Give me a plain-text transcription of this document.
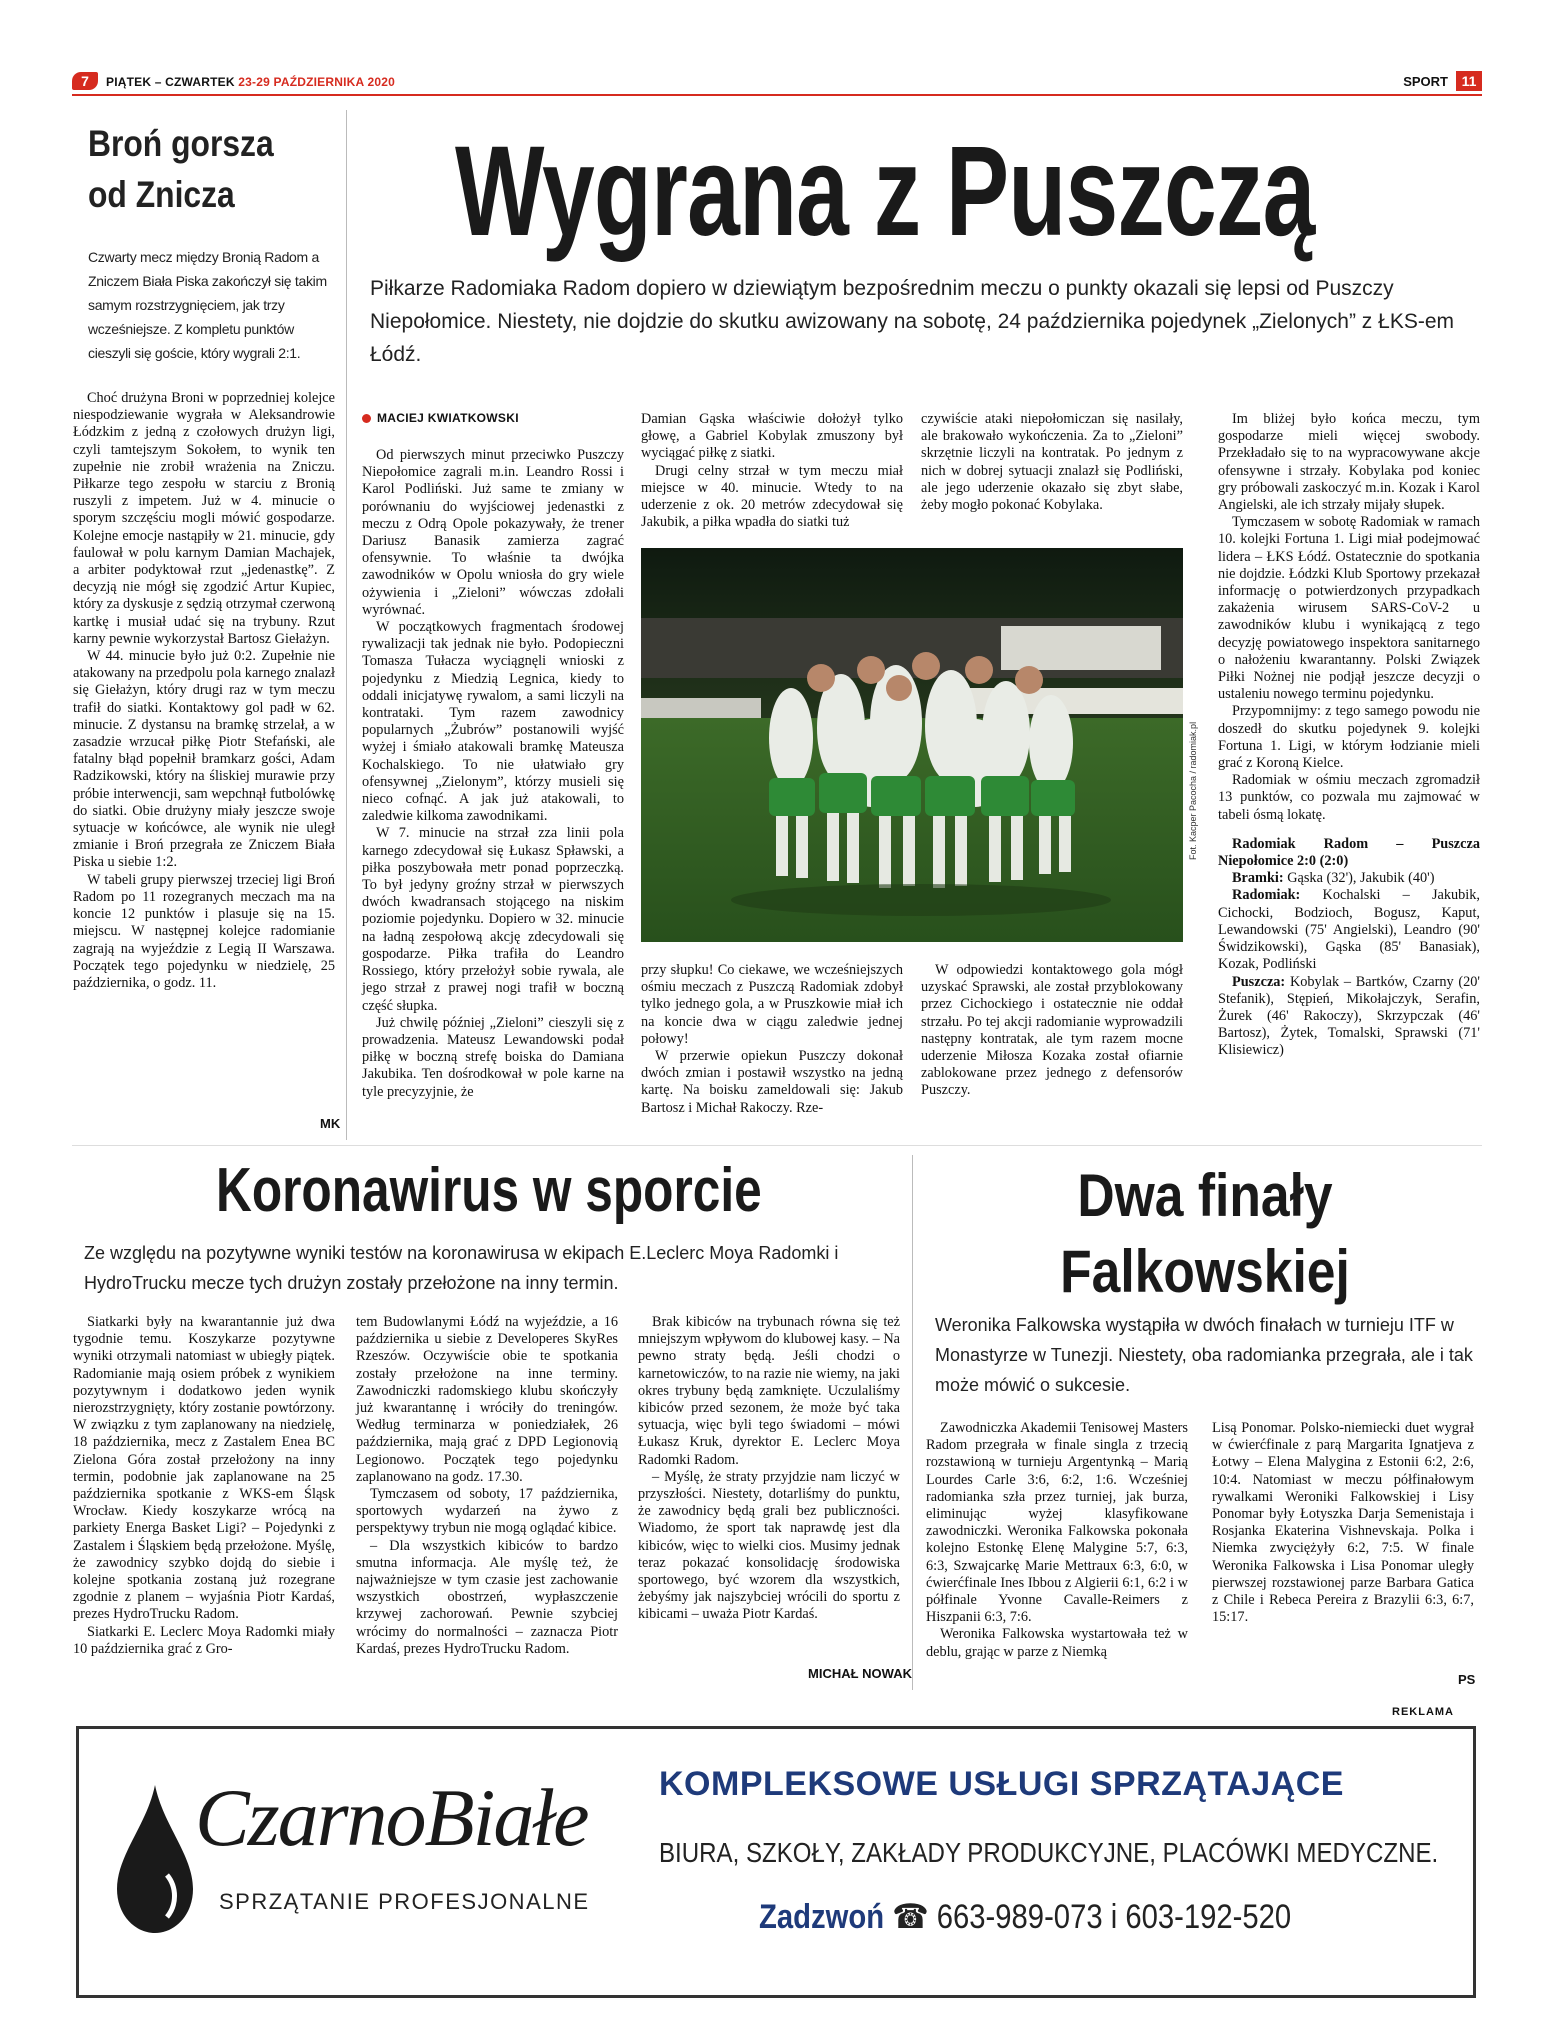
7	PIĄTEK – CZWARTEK 23-29 PAŹDZIERNIKA 2020	SPORT 11
Broń gorsza od Znicza
Czwarty mecz między Bronią Radom a Zniczem Biała Piska zakończył się takim samym rozstrzygnięciem, jak trzy wcześniejsze. Z kompletu punktów cieszyli się goście, który wygrali 2:1.

Choć drużyna Broni w poprzedniej kolejce niespodziewanie wygrała w Aleksandrowie Łódzkim z jedną z czołowych drużyn ligi, czyli tamtejszym Sokołem, to wynik ten zupełnie nie zrobił wrażenia na Zniczu. Piłkarze tego zespołu w starciu z Bronią ruszyli z impetem. Już w 4. minucie o sporym szczęściu mogli mówić gospodarze. Kolejne emocje nastąpiły w 21. minucie, gdy faulował w polu karnym Damian Machajek, a arbiter podyktował rzut „jedenastkę”. Z decyzją nie mógł się zgodzić Artur Kupiec, który za dyskusje z sędzią otrzymał czerwoną kartkę i musiał udać się na trybuny. Rzut karny pewnie wykorzystał Bartosz Giełażyn.

W 44. minucie było już 0:2. Zupełnie nie atakowany na przedpolu pola karnego znalazł się Giełażyn, który drugi raz w tym meczu trafił do siatki. Kontaktowy gol padł w 62. minucie. Z dystansu na bramkę strzelał, a w zasadzie wrzucał piłkę Piotr Stefański, ale fatalny błąd popełnił bramkarz gości, Adam Radzikowski, który na śliskiej murawie przy próbie interwencji, sam wepchnął futbolówkę do siatki. Obie drużyny miały jeszcze swoje sytuacje w końcówce, ale wynik nie uległ zmianie i Broń przegrała ze Zniczem Biała Piska u siebie 1:2.

W tabeli grupy pierwszej trzeciej ligi Broń Radom po 11 rozegranych meczach ma na koncie 12 punktów i plasuje się na 15. miejscu. W następnej kolejce radomianie zagrają na wyjeździe z Legią II Warszawa. Początek tego pojedynku w niedzielę, 25 października, o godz. 11.

MK
Wygrana z Puszczą
Piłkarze Radomiaka Radom dopiero w dziewiątym bezpośrednim meczu o punkty okazali się lepsi od Puszczy Niepołomice. Niestety, nie dojdzie do skutku awizowany na sobotę, 24 października pojedynek „Zielonych” z ŁKS-em Łódź.
MACIEJ KWIATKOWSKI

Od pierwszych minut przeciwko Puszczy Niepołomice zagrali m.in. Leandro Rossi i Karol Podliński. Już same te zmiany w porównaniu do wyjściowej jedenastki z meczu z Odrą Opole pokazywały, że trener Dariusz Banasik zamierza zagrać ofensywnie. To właśnie ta dwójka zawodników w Opolu wniosła do gry wiele ożywienia i „Zieloni” wówczas zdołali wyrównać.

W początkowych fragmentach środowej rywalizacji tak jednak nie było. Podopieczni Tomasza Tułacza wyciągnęli wnioski z pojedynku z Miedzią Legnica, kiedy to oddali inicjatywę rywalom, a sami liczyli na kontrataki. Tym razem zawodnicy popularnych „Żubrów” postanowili wyjść wyżej i śmiało atakowali bramkę Mateusza Kochalskiego. To nie ułatwiało gry ofensywnej „Zielonym”, którzy musieli się nieco cofnąć. A jak już atakowali, to zaledwie kilkoma zawodnikami.

W 7. minucie na strzał zza linii pola karnego zdecydował się Łukasz Spławski, a piłka poszybowała metr ponad poprzeczką. To był jedyny groźny strzał w pierwszych dwóch kwadransach stojącego na niskim poziomie pojedynku. Dopiero w 32. minucie na ładną zespołową akcję zdecydowali się gospodarze. Piłka trafiła do Leandro Rossiego, który przełożył sobie rywala, ale jego strzał z prawej nogi trafił w boczną część słupka.

Już chwilę później „Zieloni” cieszyli się z prowadzenia. Mateusz Lewandowski podał piłkę w boczną strefę boiska do Damiana Jakubika. Ten dośrodkował w pole karne na tyle precyzyjnie, że

Damian Gąska właściwie dołożył tylko głowę, a Gabriel Kobylak zmuszony był wyciągać piłkę z siatki.

Drugi celny strzał w tym meczu miał miejsce w 40. minucie. Wtedy to na uderzenie z ok. 20 metrów zdecydował się Jakubik, a piłka wpadła do siatki tuż

czywiście ataki niepołomiczan się nasilały, ale brakowało wykończenia. Za to „Zieloni” skrzętnie liczyli na kontratak. Po jednym z nich w dobrej sytuacji znalazł się Podliński, ale jego uderzenie okazało się zbyt słabe, żeby mogło pokonać Kobylaka.

Fot. Kacper Pacocha / radomiak.pl

przy słupku! Co ciekawe, we wcześniejszych ośmiu meczach z Puszczą Radomiak zdobył tylko jednego gola, a w Pruszkowie miał ich na koncie dwa w ciągu zaledwie jednej połowy!

W przerwie opiekun Puszczy dokonał dwóch zmian i postawił wszystko na jedną kartę. Na boisku zameldowali się: Jakub Bartosz i Michał Rakoczy. Rze-

W odpowiedzi kontaktowego gola mógł uzyskać Sprawski, ale został przyblokowany przez Cichockiego i ostatecznie nie oddał strzału. Po tej akcji radomianie wyprowadzili następny kontratak, ale tym razem mocne uderzenie Miłosza Kozaka został ofiarnie zablokowane przez jednego z defensorów Puszczy.

Im bliżej było końca meczu, tym gospodarze mieli więcej swobody. Przekładało się to na wypracowywane akcje ofensywne i strzały. Kobylaka pod koniec gry próbowali zaskoczyć m.in. Kozak i Karol Angielski, ale ich strzały mijały słupek.

Tymczasem w sobotę Radomiak w ramach 10. kolejki Fortuna 1. Ligi miał podejmować lidera – ŁKS Łódź. Ostatecznie do spotkania nie dojdzie. Łódzki Klub Sportowy przekazał informację o potwierdzonych przypadkach zakażenia wirusem SARS-CoV-2 u zawodników klubu i wynikającą z tego decyzję powiatowego inspektora sanitarnego o nałożeniu kwarantanny. Polski Związek Piłki Nożnej nie podjął jeszcze decyzji o ustaleniu nowego terminu pojedynku.

Przypomnijmy: z tego samego powodu nie doszedł do skutku pojedynek 9. kolejki Fortuna 1. Ligi, w którym łodzianie mieli grać z Koroną Kielce.

Radomiak w ośmiu meczach zgromadził 13 punktów, co pozwala mu zajmować w tabeli ósmą lokatę.

Radomiak Radom – Puszcza Niepołomice 2:0 (2:0)

Bramki: Gąska (32'), Jakubik (40')

Radomiak: Kochalski – Jakubik, Cichocki, Bodzioch, Bogusz, Kaput, Lewandowski (75' Angielski), Leandro (90' Świdzikowski), Gąska (85' Banasiak), Kozak, Podliński

Puszcza: Kobylak – Bartków, Czarny (20' Stefanik), Stępień, Mikołajczyk, Serafin, Żurek (46' Rakoczy), Skrzypczak (46' Bartosz), Żytek, Tomalski, Sprawski (71' Klisiewicz)

Koronawirus w sporcie
Ze względu na pozytywne wyniki testów na koronawirusa w ekipach E.Leclerc Moya Radomki i HydroTrucku mecze tych drużyn zostały przełożone na inny termin.

Siatkarki były na kwarantannie już dwa tygodnie temu. Koszykarze pozytywne wyniki otrzymali natomiast w ubiegły piątek. Radomianie mają osiem próbek z wynikiem pozytywnym i dodatkowo jeden wynik nierozstrzygnięty, który zostanie powtórzony. W związku z tym zaplanowany na niedzielę, 18 października, mecz z Zastalem Enea BC Zielona Góra został przełożony na inny termin, podobnie jak zaplanowane na 25 października spotkanie z WKS-em Śląsk Wrocław. Kiedy koszykarze wrócą na parkiety Energa Basket Ligi? – Pojedynki z Zastalem i Śląskiem będą przełożone. Myślę, że zawodnicy szybko dojdą do siebie i kolejne spotkania zostaną już rozegrane zgodnie z planem – wyjaśnia Piotr Kardaś, prezes HydroTrucku Radom.

Siatkarki E. Leclerc Moya Radomki miały 10 października grać z Gro-

tem Budowlanymi Łódź na wyjeździe, a 16 października u siebie z Developeres SkyRes Rzeszów. Oczywiście obie te spotkania zostały przełożone na inne terminy. Zawodniczki radomskiego klubu skończyły już kwarantannę i wróciły do treningów. Według terminarza w poniedziałek, 26 października, mają grać z DPD Legionovią Legionowo. Początek tego pojedynku zaplanowano na godz. 17.30.

Tymczasem od soboty, 17 października, sportowych wydarzeń na żywo z perspektywy trybun nie mogą oglądać kibice.

– Dla wszystkich kibiców to bardzo smutna informacja. Ale myślę też, że najważniejsze w tym czasie jest zachowanie wszystkich obostrzeń, wypłaszczenie krzywej zachorowań. Pewnie szybciej wrócimy do normalności – zaznacza Piotr Kardaś, prezes HydroTrucku Radom.

Brak kibiców na trybunach równa się też mniejszym wpływom do klubowej kasy. – Na pewno straty będą. Jeśli chodzi o karnetowiczów, to na razie nie wiemy, na jaki okres trybuny będą zamknięte. Uczulaliśmy kibiców przed sezonem, że może być taka sytuacja, więc byli tego świadomi – mówi Łukasz Kruk, dyrektor E. Leclerc Moya Radomki Radom.

– Myślę, że straty przyjdzie nam liczyć w przyszłości. Niestety, dotarliśmy do punktu, że zawodnicy będą grali bez publiczności. Wiadomo, że sport tak naprawdę jest dla kibiców, więc to wielki cios. Musimy jednak teraz pokazać konsolidację środowiska sportowego, być wzorem dla wszystkich, żebyśmy jak najszybciej wrócili do sportu z kibicami – uważa Piotr Kardaś.

MICHAŁ NOWAK
Dwa finały Falkowskiej
Weronika Falkowska wystąpiła w dwóch finałach w turnieju ITF w Monastyrze w Tunezji. Niestety, oba radomianka przegrała, ale i tak może mówić o sukcesie.

Zawodniczka Akademii Tenisowej Masters Radom przegrała w finale singla z trzecią rozstawioną w turnieju Argentynką – Marią Lourdes Carle 3:6, 6:2, 1:6. Wcześniej radomianka szła przez turniej, jak burza, eliminując wyżej klasyfikowane zawodniczki. Weronika Falkowska pokonała kolejno Estonkę Elenę Malygine 5:7, 6:3, 6:3, Szwajcarkę Marie Mettraux 6:3, 6:0, w ćwierćfinale Ines Ibbou z Algierii 6:1, 6:2 i w półfinale Yvonne Cavalle-Reimers z Hiszpanii 6:3, 7:6.

Weronika Falkowska wystartowała też w deblu, grając w parze z Niemką

Lisą Ponomar. Polsko-niemiecki duet wygrał w ćwierćfinale z parą Margarita Ignatjeva z Łotwy – Elena Malygina z Estonii 6:2, 2:6, 10:4. Natomiast w meczu półfinałowym rywalkami Weroniki Falkowskiej i Lisy Ponomar były Łotyszka Darja Semenistaja i Rosjanka Ekaterina Vishnevskaja. Polka i Niemka zwyciężyły 6:2, 7:5. W finale Weronika Falkowska i Lisa Ponomar uległy pierwszej rozstawionej parze Barbara Gatica z Chile i Rebeca Pereira z Brazylii 6:3, 6:7, 15:17.

PS
REKLAMA
CzarnoBiałe
SPRZĄTANIE PROFESJONALNE
KOMPLEKSOWE USŁUGI SPRZĄTAJĄCE
BIURA, SZKOŁY, ZAKŁADY PRODUKCYJNE, PLACÓWKI MEDYCZNE.
Zadzwoń ☎ 663-989-073 i 603-192-520
